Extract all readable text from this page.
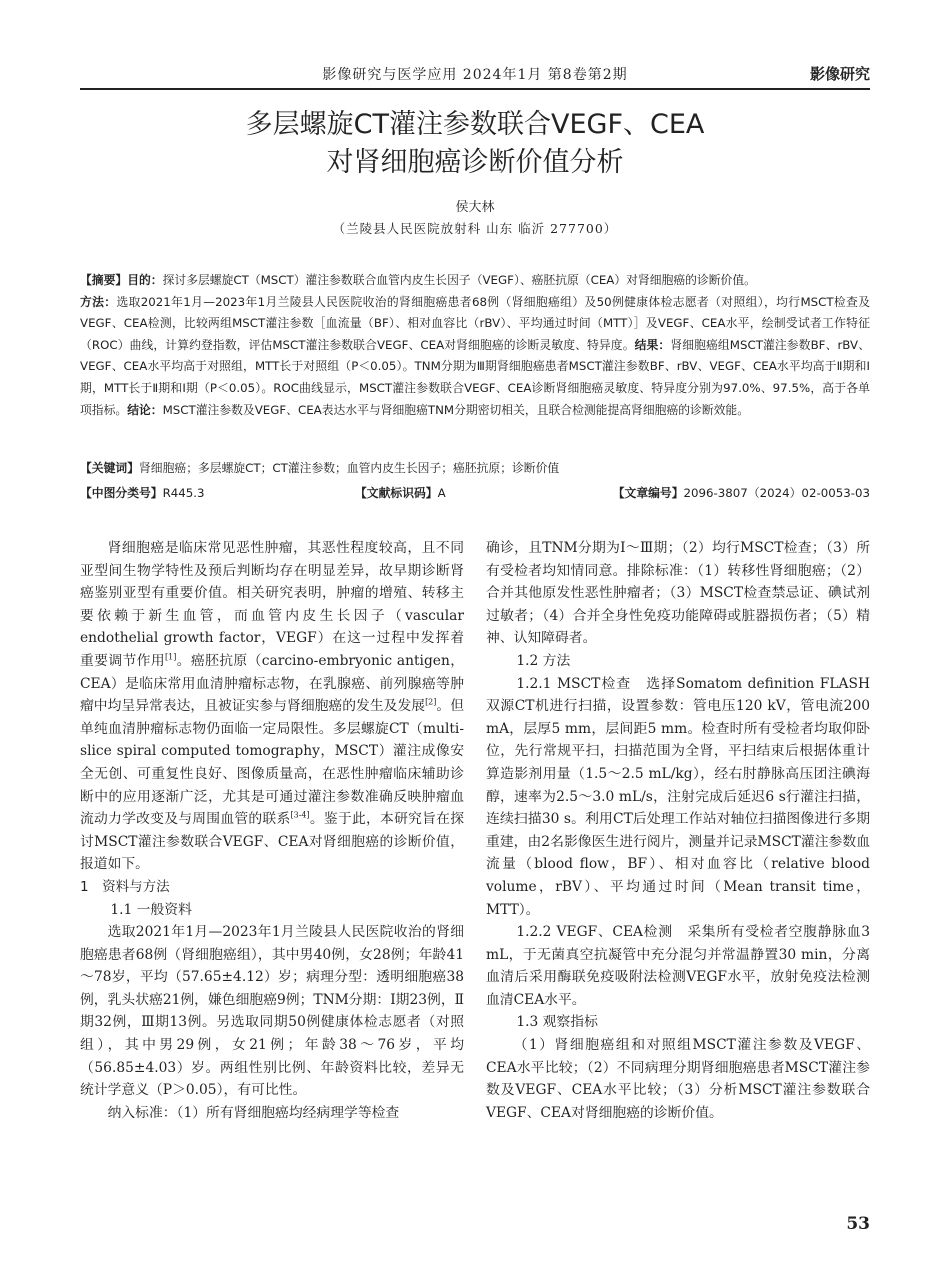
影像研究与医学应用 2024年1月 第8卷第2期	影像研究
多层螺旋CT灌注参数联合VEGF、CEA
对肾细胞癌诊断价值分析
侯大林
（兰陵县人民医院放射科 山东 临沂 277700）
【摘要】目的：探讨多层螺旋CT（MSCT）灌注参数联合血管内皮生长因子（VEGF）、癌胚抗原（CEA）对肾细胞癌的诊断价值。
方法：选取2021年1月—2023年1月兰陵县人民医院收治的肾细胞癌患者68例（肾细胞癌组）及50例健康体检志愿者（对照组），均行MSCT检查及VEGF、CEA检测，比较两组MSCT灌注参数［血流量（BF）、相对血容比（rBV）、平均通过时间（MTT）］及VEGF、CEA水平，绘制受试者工作特征（ROC）曲线，计算约登指数，评估MSCT灌注参数联合VEGF、CEA对肾细胞癌的诊断灵敏度、特异度。结果：肾细胞癌组MSCT灌注参数BF、rBV、VEGF、CEA水平均高于对照组，MTT长于对照组（P＜0.05）。TNM分期为Ⅲ期肾细胞癌患者MSCT灌注参数BF、rBV、VEGF、CEA水平均高于Ⅱ期和Ⅰ期，MTT长于Ⅱ期和Ⅰ期（P＜0.05）。ROC曲线显示，MSCT灌注参数联合VEGF、CEA诊断肾细胞癌灵敏度、特异度分别为97.0%、97.5%，高于各单项指标。结论：MSCT灌注参数及VEGF、CEA表达水平与肾细胞癌TNM分期密切相关，且联合检测能提高肾细胞癌的诊断效能。
【关键词】肾细胞癌；多层螺旋CT；CT灌注参数；血管内皮生长因子；癌胚抗原；诊断价值
【中图分类号】R445.3	【文献标识码】A	【文章编号】2096-3807（2024）02-0053-03

肾细胞癌是临床常见恶性肿瘤，其恶性程度较高，且不同亚型间生物学特性及预后判断均存在明显差异，故早期诊断肾癌鉴别亚型有重要价值。相关研究表明，肿瘤的增殖、转移主要依赖于新生血管，而血管内皮生长因子（vascular endothelial growth factor，VEGF）在这一过程中发挥着重要调节作用[1]。癌胚抗原（carcino-embryonic antigen，CEA）是临床常用血清肿瘤标志物，在乳腺癌、前列腺癌等肿瘤中均呈异常表达，且被证实参与肾细胞癌的发生及发展[2]。但单纯血清肿瘤标志物仍面临一定局限性。多层螺旋CT（multi-slice spiral computed tomography，MSCT）灌注成像安全无创、可重复性良好、图像质量高，在恶性肿瘤临床辅助诊断中的应用逐渐广泛，尤其是可通过灌注参数准确反映肿瘤血流动力学改变及与周围血管的联系[3-4]。鉴于此，本研究旨在探讨MSCT灌注参数联合VEGF、CEA对肾细胞癌的诊断价值，报道如下。

1　资料与方法

1.1 一般资料

选取2021年1月—2023年1月兰陵县人民医院收治的肾细胞癌患者68例（肾细胞癌组），其中男40例，女28例；年龄41～78岁，平均（57.65±4.12）岁；病理分型：透明细胞癌38例，乳头状癌21例，嫌色细胞癌9例；TNM分期：Ⅰ期23例，Ⅱ期32例，Ⅲ期13例。另选取同期50例健康体检志愿者（对照组），其中男29例，女21例；年龄38～76岁，平均（56.85±4.03）岁。两组性别比例、年龄资料比较，差异无统计学意义（P＞0.05），有可比性。

纳入标准：（1）所有肾细胞癌均经病理学等检查

确诊，且TNM分期为Ⅰ～Ⅲ期；（2）均行MSCT检查；（3）所有受检者均知情同意。排除标准：（1）转移性肾细胞癌；（2）合并其他原发性恶性肿瘤者；（3）MSCT检查禁忌证、碘试剂过敏者；（4）合并全身性免疫功能障碍或脏器损伤者；（5）精神、认知障碍者。

1.2 方法

1.2.1 MSCT检查　选择Somatom definition FLASH双源CT机进行扫描，设置参数：管电压120 kV，管电流200 mA，层厚5 mm，层间距5 mm。检查时所有受检者均取仰卧位，先行常规平扫，扫描范围为全肾，平扫结束后根据体重计算造影剂用量（1.5～2.5 mL/kg），经右肘静脉高压团注碘海醇，速率为2.5～3.0 mL/s，注射完成后延迟6 s行灌注扫描，连续扫描30 s。利用CT后处理工作站对轴位扫描图像进行多期重建，由2名影像医生进行阅片，测量并记录MSCT灌注参数血流量（blood flow，BF）、相对血容比（relative blood volume，rBV）、平均通过时间（Mean transit time，MTT）。

1.2.2 VEGF、CEA检测　采集所有受检者空腹静脉血3 mL，于无菌真空抗凝管中充分混匀并常温静置30 min，分离血清后采用酶联免疫吸附法检测VEGF水平，放射免疫法检测血清CEA水平。

1.3 观察指标

（1）肾细胞癌组和对照组MSCT灌注参数及VEGF、CEA水平比较；（2）不同病理分期肾细胞癌患者MSCT灌注参数及VEGF、CEA水平比较；（3）分析MSCT灌注参数联合VEGF、CEA对肾细胞癌的诊断价值。

53
